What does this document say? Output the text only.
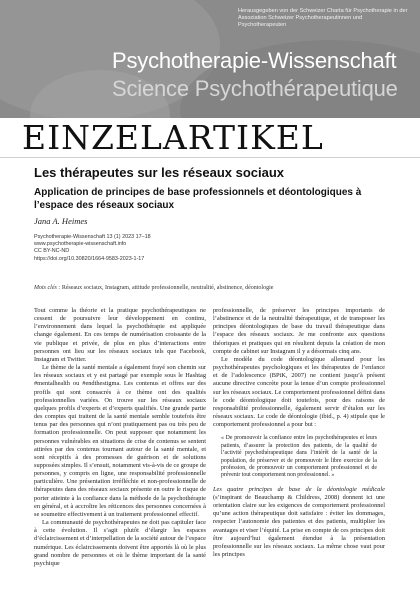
Herausgegeben von der Schweizer Charta für Psychotherapie in der Assoziation Schweizer Psychotherapeutinnen und Psychotherapeuten
Psychotherapie-Wissenschaft
Science Psychothérapeutique
EINZELARTIKEL
Les thérapeutes sur les réseaux sociaux
Application de principes de base professionnels et déontologiques à l’espace des réseaux sociaux
Jana A. Heimes
Psychotherapie-Wissenschaft 13 (1) 2023 17–18
www.psychotherapie-wissenschaft.info
CC BY-NC-ND
https://doi.org/10.30820/1664-9583-2023-1-17
Mots clés : Réseaux sociaux, Instagram, attitude professionnelle, neutralité, abstinence, déontologie

Tout comme la théorie et la pratique psychothérapeutiques ne cessent de poursuivre leur développement en continu, l’environnement dans lequel la psychothérapie est appliquée change également. En ces temps de numérisation croissante de la vie publique et privée, de plus en plus d’interactions entre personnes ont lieu sur les réseaux sociaux tels que Facebook, Instagram et Twitter.

Le thème de la santé mentale a également frayé son chemin sur les réseaux sociaux et y est partagé par exemple sous le Hashtag #mentalhealth ou #endthestigma. Les contenus et offres sur des profils qui sont consacrés à ce thème ont des qualités professionnelles variées. On trouve sur les réseaux sociaux quelques profils d’experts et d’experts qualifiés. Une grande partie des comptes qui traitent de la santé mentale semble toutefois être tenus par des personnes qui n’ont pratiquement pas ou très peu de formation professionnelle. On peut supposer que notamment les personnes vulnérables en situations de crise de contenus se sentent attirées par des contenus tournant autour de la santé mentale, et sont récepitfs à des promesses de guérison et de solutions supposées simples. Il s’ensuit, notamment vis-à-vis de ce groupe de personnes, y compris en ligne, une responsabilité professionnelle particulière. Une présentation irréfléchie et non-professionnelle de thérapeutes dans des réseaux sociaux présente en outre le risque de porter atteinte à la confiance dans la méthode de la psychothérapie en général, et à accroître les réticences des personnes concernées à se soumettre effectivement à un traitement professionnel effectif.

La communauté de psychothérapeutes ne doit pas capituler face à cette évolution. Il s’agit plutôt d’élargir les espaces d’éclaircissement et d’interpellation de la société autour de l’espace numérique. Les éclaircissements doivent être apportés là où le plus grand nombre de personnes et où le thème important de la santé psychique

professionnelle, de préserver les principes importants de l’abstinence et de la neutralité thérapeutique, et de transposer les principes déontologiques de base du travail thérapeutique dans l’espace des réseaux sociaux. Je me confronte aux questions théoriques et pratiques qui en résultent depuis la création de mon compte de cabinet sur Instagram il y a désormais cinq ans.

Le modèle du code déontologique allemand pour les psychothérapeutes psychologiques et les thérapeutes de l’enfance et de l’adolescence (BPtK, 2007) ne contient jusqu’à présent aucune directive concrète pour la tenue d’un compte professionnel sur les réseaux sociaux. Le comportement professionnel défini dans le code déontologique doit toutefois, pour des raisons de responsabilité professionnelle, également servir d’étalon sur les réseaux sociaux. Le code de déontologie (ibid., p. 4) stipule que le comportement professionnel a pour but :

« De promouvoir la confiance entre les psychothérapeutes et leurs patients, d’assurer la protection des patients, de la qualité de l’activité psychothérapeutique dans l’intérêt de la santé de la population, de préserver et de promouvoir le libre exercice de la profession, de promouvoir un comportement professionnel et de prévenir tout comportement non professionnel. »

Les quatre principes de base de la déontologie médicale (s’inspirant de Beauchamp & Childress, 2008) donnent ici une orientation claire sur les exigences de comportement professionnel qu’une action thérapeutique doit satisfaire : éviter les dommages, respecter l’autonomie des patientes et des patients, multiplier les avantages et viser l’équité. La prise en compte de ces principes doit être aujourd’hui également étendue à la présentation professionnelle sur les réseaux sociaux. La même chose vaut pour les principes
